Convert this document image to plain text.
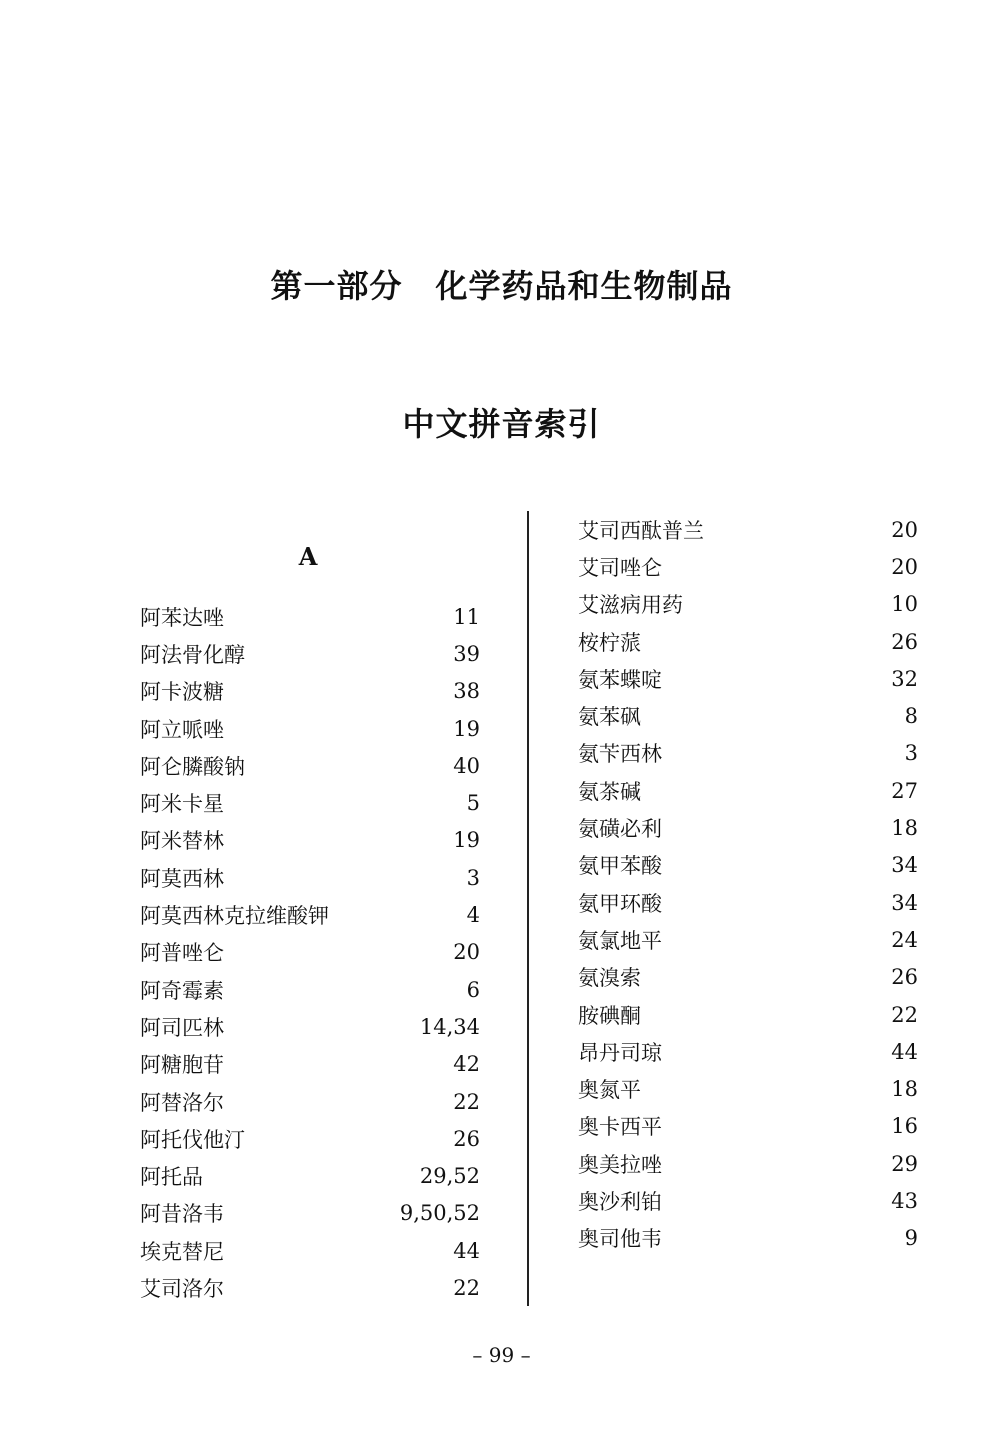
第一部分　化学药品和生物制品
中文拼音索引
A
阿苯达唑	11
阿法骨化醇	39
阿卡波糖	38
阿立哌唑	19
阿仑膦酸钠	40
阿米卡星	5
阿米替林	19
阿莫西林	3
阿莫西林克拉维酸钾	4
阿普唑仑	20
阿奇霉素	6
阿司匹林	14,34
阿糖胞苷	42
阿替洛尔	22
阿托伐他汀	26
阿托品	29,52
阿昔洛韦	9,50,52
埃克替尼	44
艾司洛尔	22
艾司西酞普兰	20
艾司唑仑	20
艾滋病用药	10
桉柠蒎	26
氨苯蝶啶	32
氨苯砜	8
氨苄西林	3
氨茶碱	27
氨磺必利	18
氨甲苯酸	34
氨甲环酸	34
氨氯地平	24
氨溴索	26
胺碘酮	22
昂丹司琼	44
奥氮平	18
奥卡西平	16
奥美拉唑	29
奥沙利铂	43
奥司他韦	9
– 99 –
